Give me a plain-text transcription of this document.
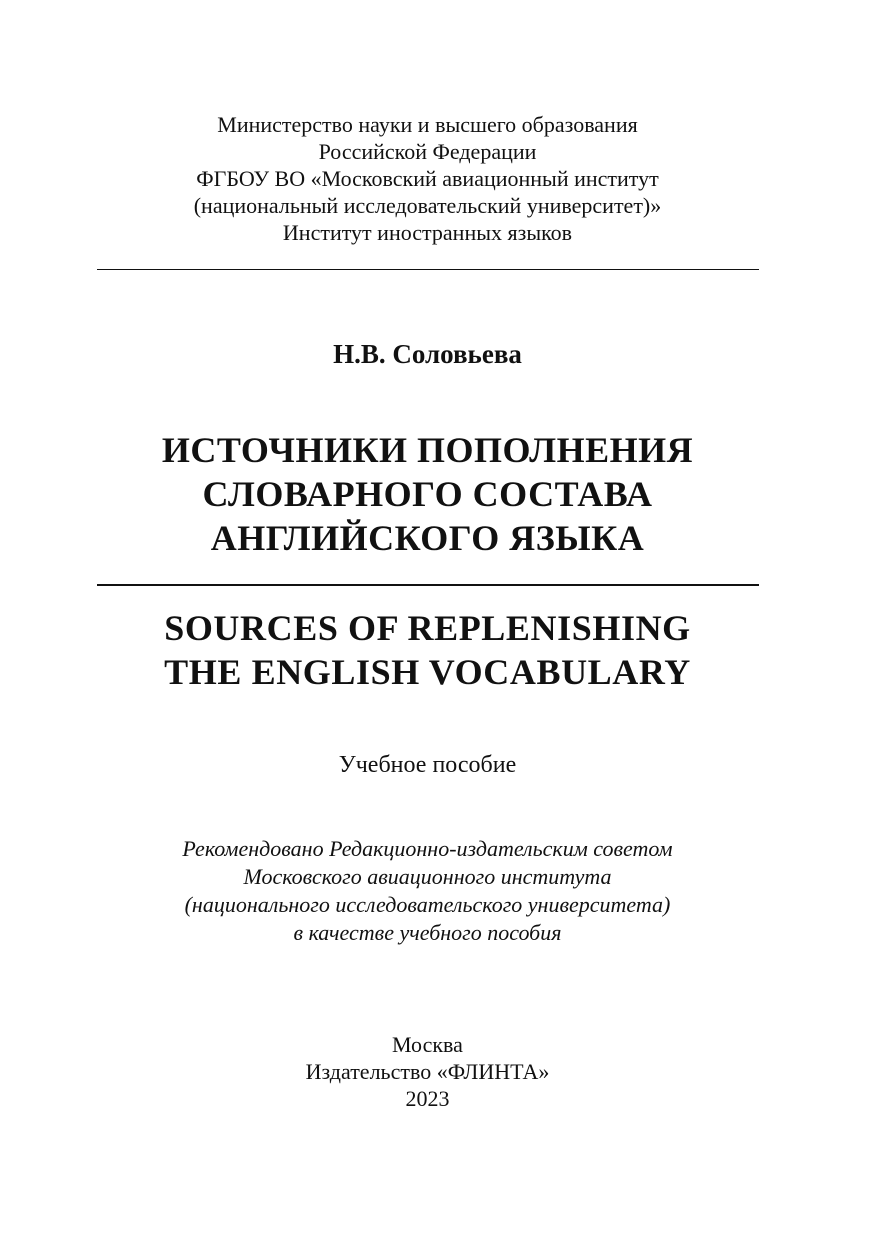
Министерство науки и высшего образования
Российской Федерации
ФГБОУ ВО «Московский авиационный институт
(национальный исследовательский университет)»
Институт иностранных языков
Н.В. Соловьева
ИСТОЧНИКИ ПОПОЛНЕНИЯ
СЛОВАРНОГО СОСТАВА
АНГЛИЙСКОГО ЯЗЫКА
SOURCES OF REPLENISHING
THE ENGLISH VOCABULARY
Учебное пособие
Рекомендовано Редакционно-издательским советом
Московского авиационного института
(национального исследовательского университета)
в качестве учебного пособия
Москва
Издательство «ФЛИНТА»
2023
